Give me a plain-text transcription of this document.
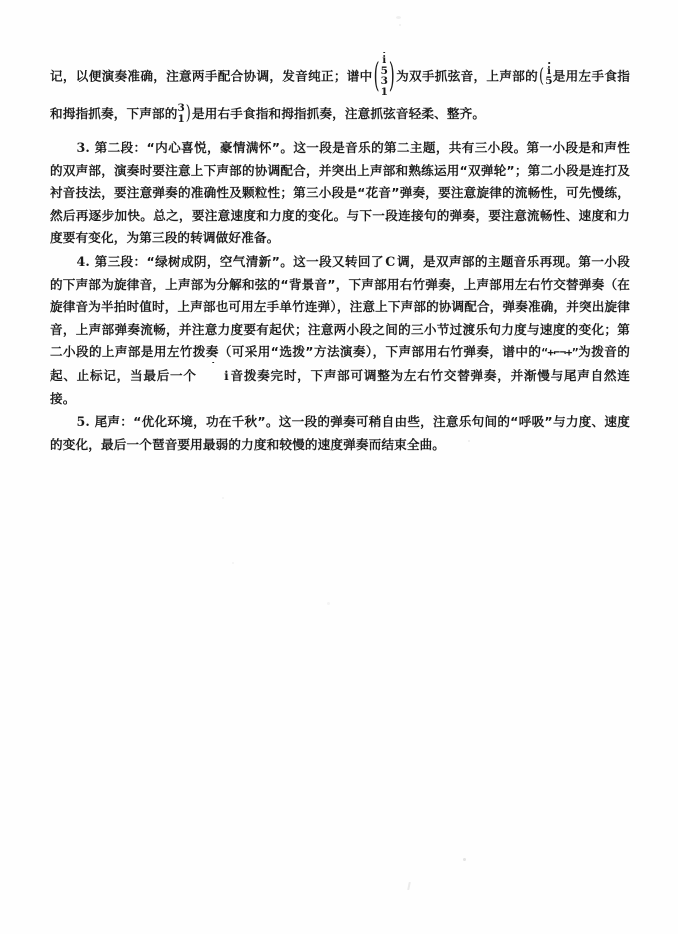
记，以便演奏准确，注意两手配合协调，发音纯正；谱中 ( i
5
3
1 ) 为双手抓弦音，上声部的 ( i
5 是用左手食指和拇指抓奏，下声部的 3
1 ) 是用右手食指和拇指抓奏，注意抓弦音轻柔、整齐。

3. 第二段：“内心喜悦，豪情满怀”。这一段是音乐的第二主题，共有三小段。第一小段是和声性的双声部，演奏时要注意上下声部的协调配合，并突出上声部和熟练运用“双弹轮”；第二小段是连打及衬音技法，要注意弹奏的准确性及颗粒性；第三小段是“花音”弹奏，要注意旋律的流畅性，可先慢练，然后再逐步加快。总之，要注意速度和力度的变化。与下一段连接句的弹奏，要注意流畅性、速度和力度要有变化，为第三段的转调做好准备。

4. 第三段：“绿树成阴，空气清新”。这一段又转回了 C 调，是双声部的主题音乐再现。第一小段的下声部为旋律音，上声部为分解和弦的“背景音”，下声部用右竹弹奏，上声部用左右竹交替弹奏（在旋律音为半拍时值时，上声部也可用左手单竹连弹），注意上下声部的协调配合，弹奏准确，并突出旋律音，上声部弹奏流畅，并注意力度要有起伏；注意两小段之间的三小节过渡乐句力度与速度的变化；第二小段的上声部是用左竹拨奏（可采用“选拨”方法演奏），下声部用右竹弹奏，谱中的“+⌐¬+”为拨音的起、止标记，当最后一个 i音拨奏完时，下声部可调整为左右竹交替弹奏，并渐慢与尾声自然连接。

5. 尾声：“优化环境，功在千秋”。这一段的弹奏可稍自由些，注意乐句间的“呼吸”与力度、速度的变化，最后一个琶音要用最弱的力度和较慢的速度弹奏而结束全曲。
